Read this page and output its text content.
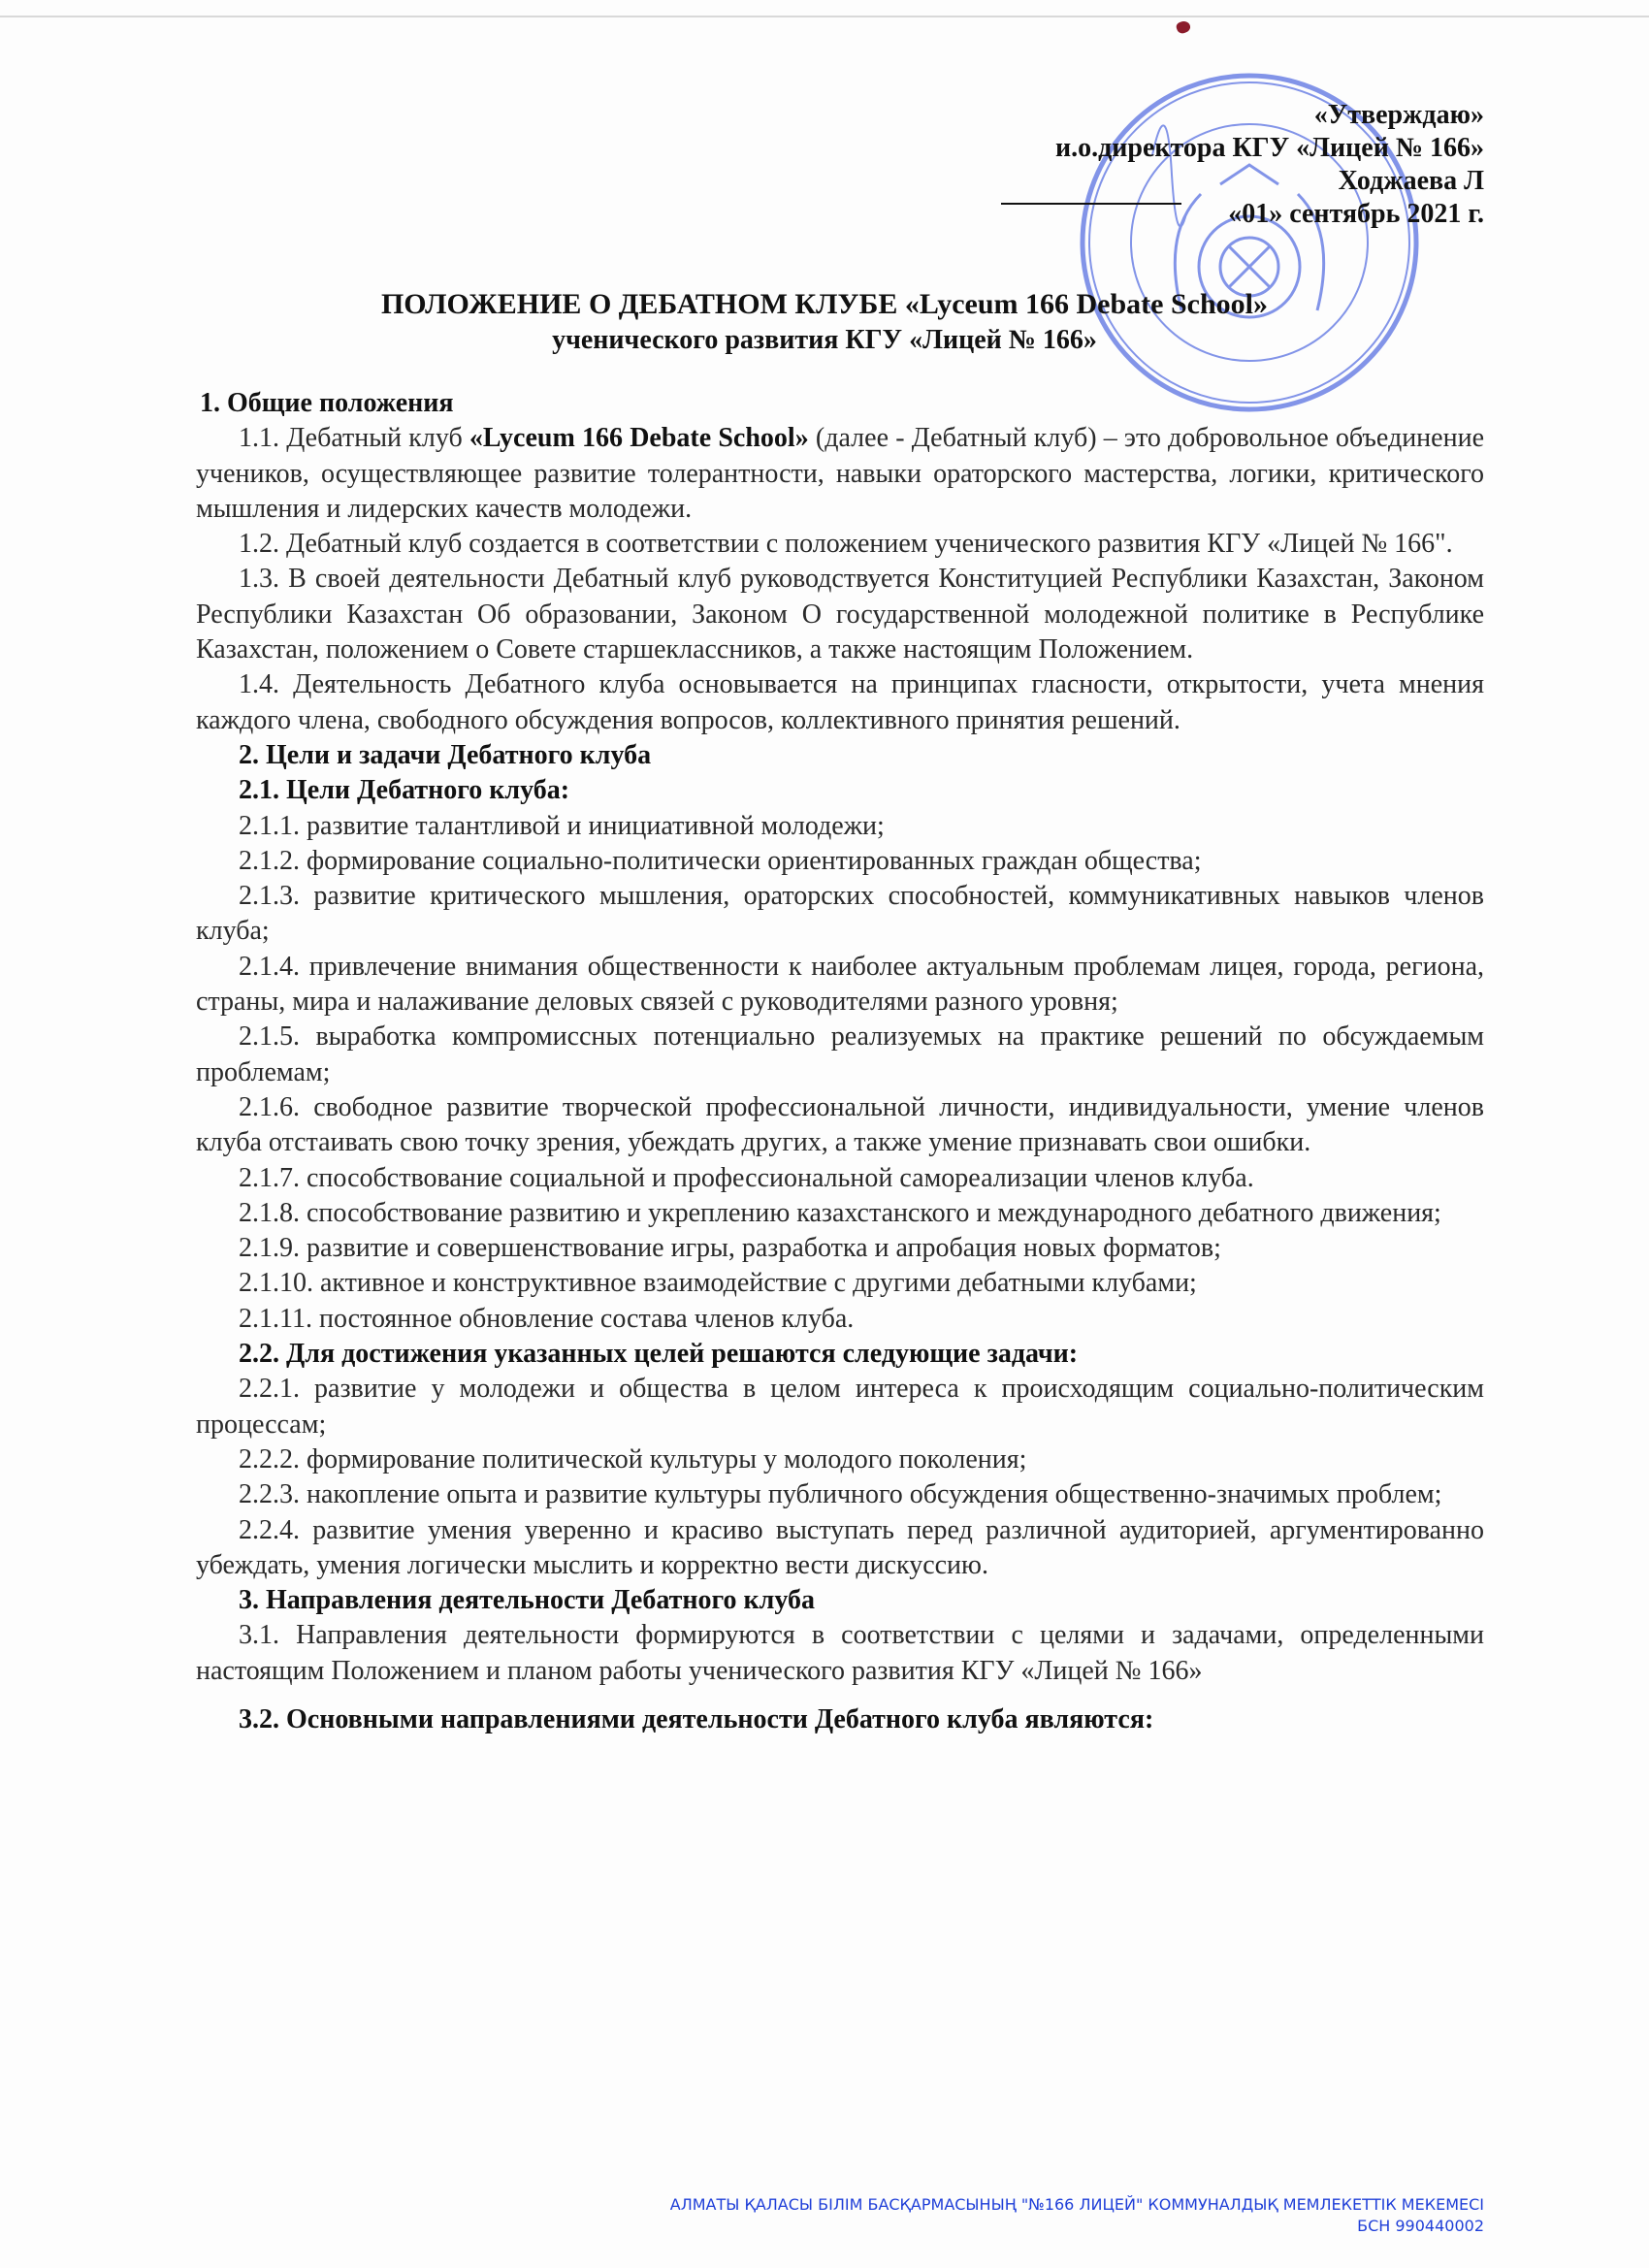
«Утверждаю»
и.о.директора КГУ «Лицей № 166»
Ходжаева Л
«01» сентябрь 2021 г.
ПОЛОЖЕНИЕ О ДЕБАТНОМ КЛУБЕ «Lyceum 166 Debate School»
ученического развития КГУ «Лицей № 166»

1. Общие положения

1.1. Дебатный клуб «Lyceum 166 Debate School» (далее - Дебатный клуб) – это добровольное объединение учеников, осуществляющее развитие толерантности, навыки ораторского мастерства, логики, критического мышления и лидерских качеств молодежи.

1.2. Дебатный клуб создается в соответствии с положением ученического развития КГУ «Лицей № 166".

1.3. В своей деятельности Дебатный клуб руководствуется Конституцией Республики Казахстан, Законом Республики Казахстан Об образовании, Законом О государственной молодежной политике в Республике Казахстан, положением о Совете старшеклассников, а также настоящим Положением.

1.4. Деятельность Дебатного клуба основывается на принципах гласности, открытости, учета мнения каждого члена, свободного обсуждения вопросов, коллективного принятия решений.

2. Цели и задачи Дебатного клуба

2.1. Цели Дебатного клуба:

2.1.1. развитие талантливой и инициативной молодежи;

2.1.2. формирование социально-политически ориентированных граждан общества;

2.1.3. развитие критического мышления, ораторских способностей, коммуникативных навыков членов клуба;

2.1.4. привлечение внимания общественности к наиболее актуальным проблемам лицея, города, региона, страны, мира и налаживание деловых связей с руководителями разного уровня;

2.1.5. выработка компромиссных потенциально реализуемых на практике решений по обсуждаемым проблемам;

2.1.6. свободное развитие творческой профессиональной личности, индивидуальности, умение членов клуба отстаивать свою точку зрения, убеждать других, а также умение признавать свои ошибки.

2.1.7. способствование социальной и профессиональной самореализации членов клуба.

2.1.8. способствование развитию и укреплению казахстанского и международного дебатного движения;

2.1.9. развитие и совершенствование игры, разработка и апробация новых форматов;

2.1.10. активное и конструктивное взаимодействие с другими дебатными клубами;

2.1.11. постоянное обновление состава членов клуба.

2.2. Для достижения указанных целей решаются следующие задачи:

2.2.1. развитие у молодежи и общества в целом интереса к происходящим социально-политическим процессам;

2.2.2. формирование политической культуры у молодого поколения;

2.2.3. накопление опыта и развитие культуры публичного обсуждения общественно-значимых проблем;

2.2.4. развитие умения уверенно и красиво выступать перед различной аудиторией, аргументированно убеждать, умения логически мыслить и корректно вести дискуссию.

3. Направления деятельности Дебатного клуба

3.1. Направления деятельности формируются в соответствии с целями и задачами, определенными настоящим Положением и планом работы ученического развития КГУ «Лицей № 166»

3.2. Основными направлениями деятельности Дебатного клуба являются:

АЛМАТЫ ҚАЛАСЫ БІЛІМ БАСҚАРМАСЫНЫҢ "№166 ЛИЦЕЙ" КОММУНАЛДЫҚ МЕМЛЕКЕТТІК МЕКЕМЕСІ
БСН 990440002
